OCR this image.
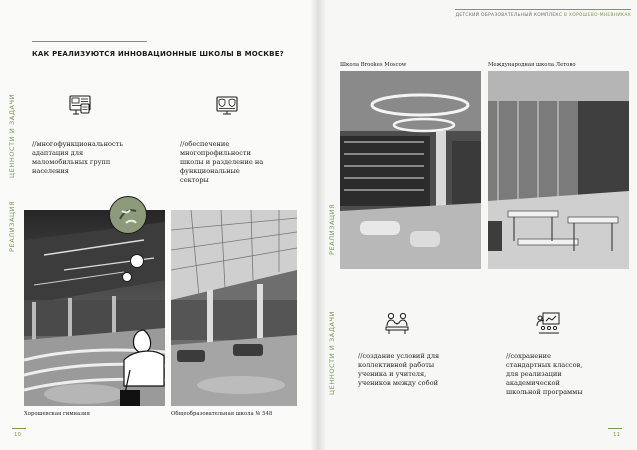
КАК РЕАЛИЗУЮТСЯ ИННОВАЦИОННЫЕ ШКОЛЫ В МОСКВЕ?
ЦЕННОСТИ И ЗАДАЧИ
РЕАЛИЗАЦИЯ
//многофункциональность
адаптация для
маломобильных групп
населения
//обеспечение
многопрофильности
школы и разделение на
функциональные
секторы
Хорошевская гимназия	Общеобразовательная школа № 548
10
ДЕТСКИЙ ОБРАЗОВАТЕЛЬНЫЙ КОМПЛЕКС В ХОРОШЕВО-МНЕВНИКАХ
Школа Brookes Moscow	Международная школа Летово
РЕАЛИЗАЦИЯ
ЦЕННОСТИ И ЗАДАЧИ	//создание условий для
коллективной работы
ученика и учителя,
учеников между собой
//сохранение
стандартных классов,
для реализации
академической
школьной программы
11
